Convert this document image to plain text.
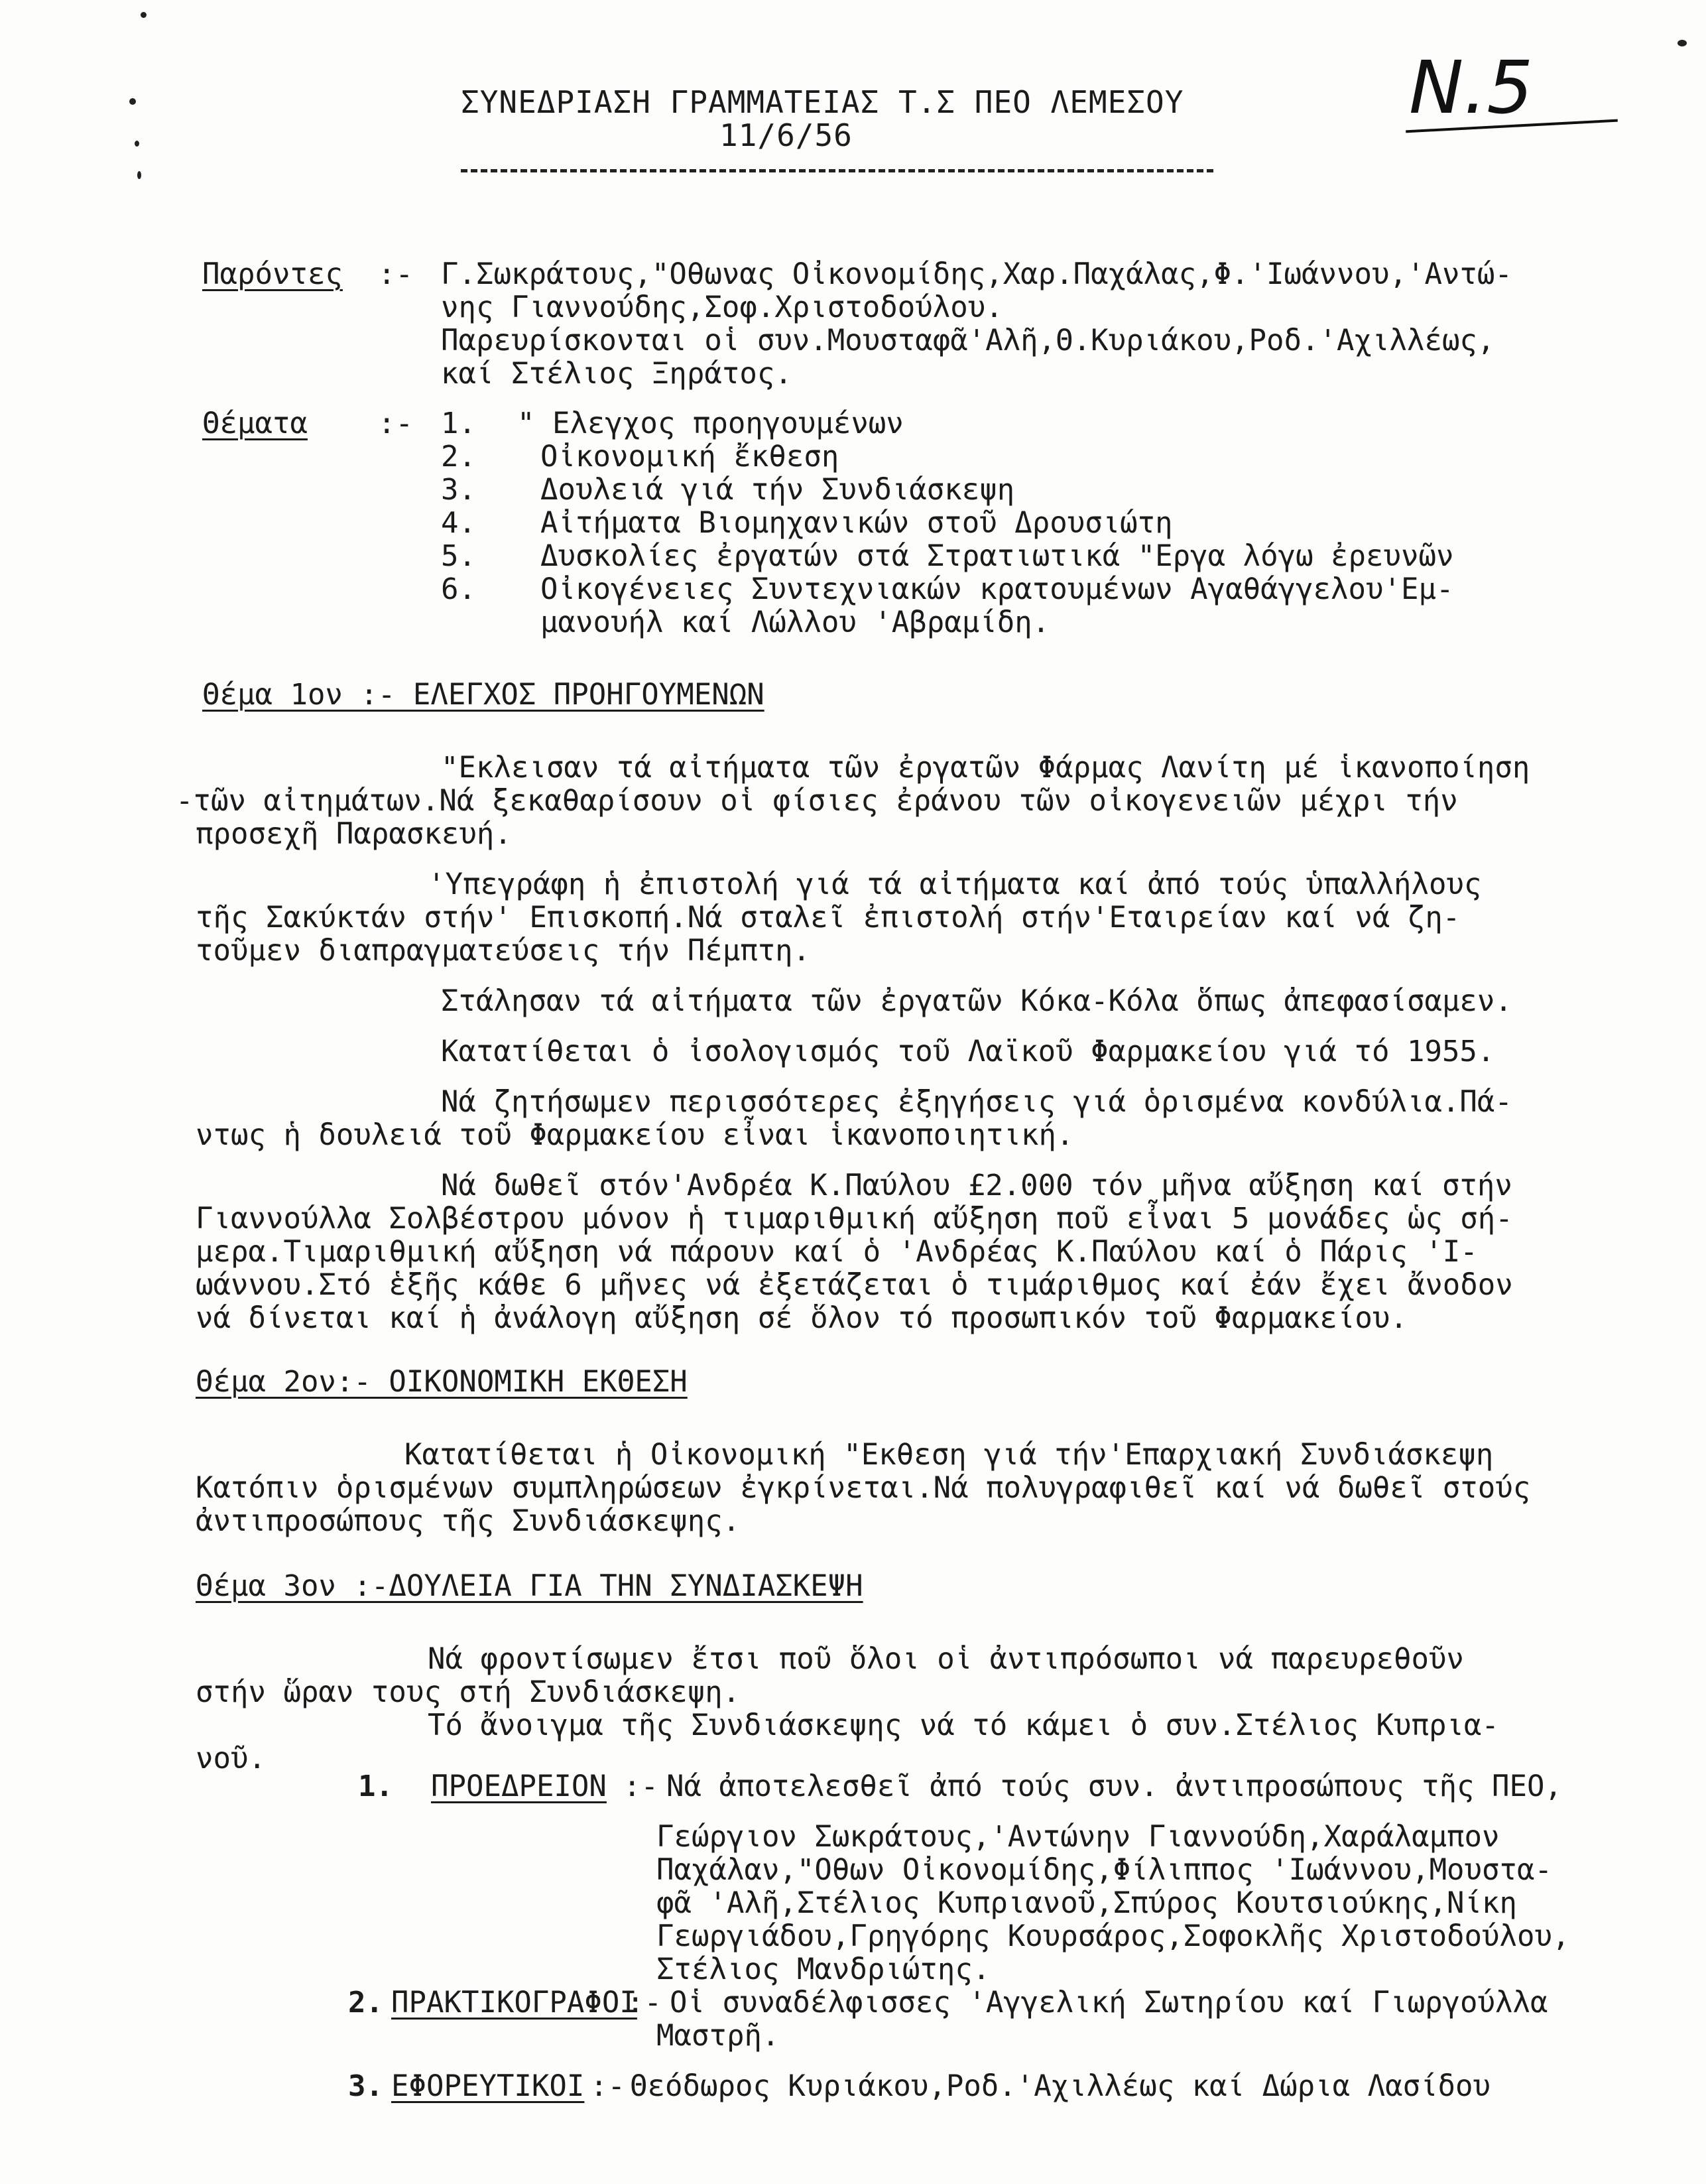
N.5
ΣΥΝΕΔΡΙΑΣΗ ΓΡΑΜΜΑΤΕΙΑΣ Τ.Σ ΠΕΟ ΛΕΜΕΣΟΥ
11/6/56
Παρόντες :- Γ.Σωκράτους,"Οθωνας Οἰκονομίδης,Χαρ.Παχάλας,Φ.'Ιωάννου,'Αντώ-
νης Γιαννούδης,Σοφ.Χριστοδούλου.
Παρευρίσκονται οἱ συν.Μουσταφᾶ'Αλῆ,Θ.Κυριάκου,Ροδ.'Αχιλλέως,
καί Στέλιος Ξηράτος.
Θέματα :- 1. " Ελεγχος προηγουμένων
2. Οἰκονομική ἔκθεση
3. Δουλειά γιά τήν Συνδιάσκεψη
4. Αἰτήματα Βιομηχανικών στοῦ Δρουσιώτη
5. Δυσκολίες ἐργατών στά Στρατιωτικά "Εργα λόγω ἐρευνῶν
6. Οἰκογένειες Συντεχνιακών κρατουμένων Αγαθάγγελου'Εμ-
μανουήλ καί Λώλλου 'Αβραμίδη.
Θέμα 1ον :- ΕΛΕΓΧΟΣ ΠΡΟΗΓΟΥΜΕΝΩΝ
"Εκλεισαν τά αἰτήματα τῶν ἐργατῶν Φάρμας Λανίτη μέ ἱκανοποίηση
-τῶν αἰτημάτων.Νά ξεκαθαρίσουν οἱ φίσιες ἐράνου τῶν οἰκογενειῶν μέχρι τήν
προσεχῆ Παρασκευή.
'Υπεγράφη ἡ ἐπιστολή γιά τά αἰτήματα καί ἀπό τούς ὑπαλλήλους
τῆς Σακύκτάν στήν' Επισκοπή.Νά σταλεῖ ἐπιστολή στήν'Εταιρείαν καί νά ζη-
τοῦμεν διαπραγματεύσεις τήν Πέμπτη.
Στάλησαν τά αἰτήματα τῶν ἐργατῶν Κόκα-Κόλα ὅπως ἀπεφασίσαμεν.
Κατατίθεται ὁ ἰσολογισμός τοῦ Λαϊκοῦ Φαρμακείου γιά τό 1955.
Νά ζητήσωμεν περισσότερες ἐξηγήσεις γιά ὁρισμένα κονδύλια.Πά-
ντως ἡ δουλειά τοῦ Φαρμακείου εἶναι ἱκανοποιητική.
Νά δωθεῖ στόν'Ανδρέα Κ.Παύλου £2.000 τόν μῆνα αὔξηση καί στήν
Γιαννούλλα Σολβέστρου μόνον ἡ τιμαριθμική αὔξηση ποῦ εἶναι 5 μονάδες ὡς σή-
μερα.Τιμαριθμική αὔξηση νά πάρουν καί ὁ 'Ανδρέας Κ.Παύλου καί ὁ Πάρις 'Ι-
ωάννου.Στό ἑξῆς κάθε 6 μῆνες νά ἐξετάζεται ὁ τιμάριθμος καί ἐάν ἔχει ἄνοδον
νά δίνεται καί ἡ ἀνάλογη αὔξηση σέ ὅλον τό προσωπικόν τοῦ Φαρμακείου.
Θέμα 2ον:- ΟΙΚΟΝΟΜΙΚΗ ΕΚΘΕΣΗ
Κατατίθεται ἡ Οἰκονομική "Εκθεση γιά τήν'Επαρχιακή Συνδιάσκεψη
Κατόπιν ὁρισμένων συμπληρώσεων ἐγκρίνεται.Νά πολυγραφιθεῖ καί νά δωθεῖ στούς
ἀντιπροσώπους τῆς Συνδιάσκεψης.
Θέμα 3ον :-ΔΟΥΛΕΙΑ ΓΙΑ ΤΗΝ ΣΥΝΔΙΑΣΚΕΨΗ
Νά φροντίσωμεν ἔτσι ποῦ ὅλοι οἱ ἀντιπρόσωποι νά παρευρεθοῦν
στήν ὥραν τους στή Συνδιάσκεψη.
Τό ἄνοιγμα τῆς Συνδιάσκεψης νά τό κάμει ὁ συν.Στέλιος Κυπρια-
νοῦ.
1. ΠΡΟΕΔΡΕΙΟΝ :- Νά ἀποτελεσθεῖ ἀπό τούς συν. ἀντιπροσώπους τῆς ΠΕΟ,
Γεώργιον Σωκράτους,'Αντώνην Γιαννούδη,Χαράλαμπον
Παχάλαν,"Οθων Οἰκονομίδης,Φίλιππος 'Ιωάννου,Μουστα-
φᾶ 'Αλῆ,Στέλιος Κυπριανοῦ,Σπύρος Κουτσιούκης,Νίκη
Γεωργιάδου,Γρηγόρης Κουρσάρος,Σοφοκλῆς Χριστοδούλου,
Στέλιος Μανδριώτης.
2. ΠΡΑΚΤΙΚΟΓΡΑΦΟΙ
:- Οἱ συναδέλφισσες 'Αγγελική Σωτηρίου καί Γιωργούλλα
Μαστρῆ.
3. ΕΦΟΡΕΥΤΙΚΟΙ :- Θεόδωρος Κυριάκου,Ροδ.'Αχιλλέως καί Δώρια Λασίδου
